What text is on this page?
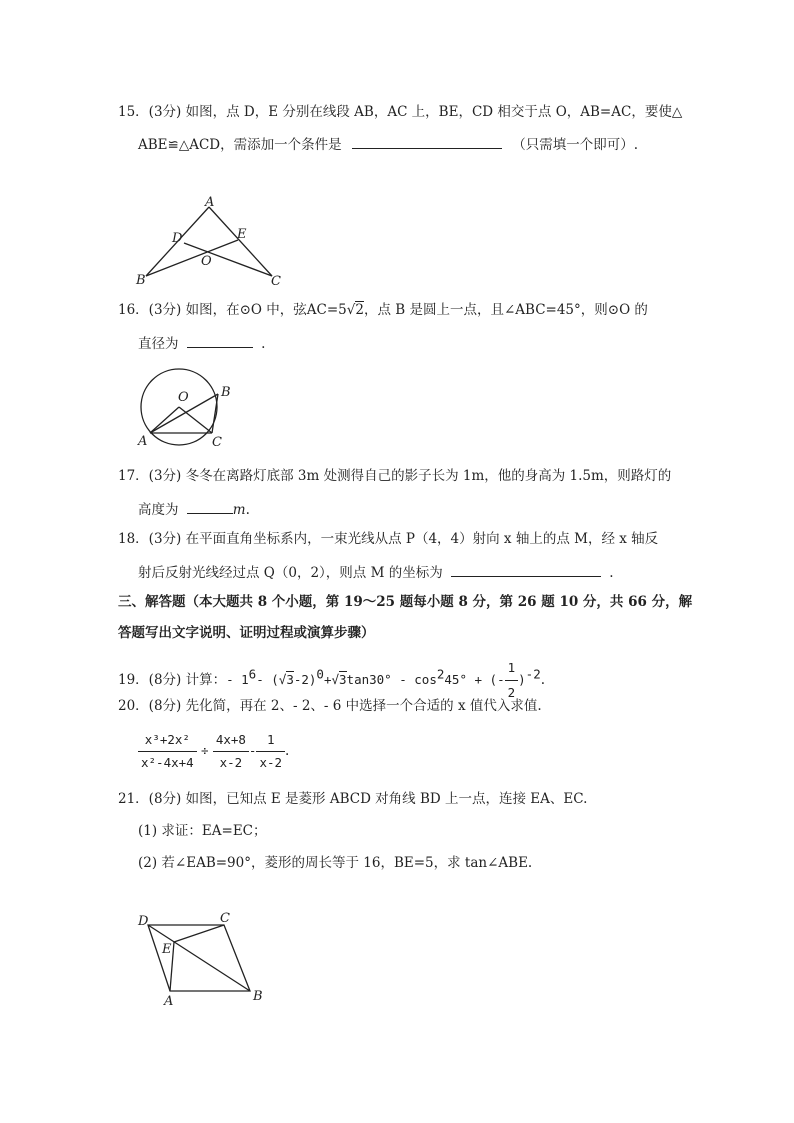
15．(3分) 如图，点 D，E 分别在线段 AB，AC 上，BE，CD 相交于点 O，AB=AC，要使△
ABE≌△ACD，需添加一个条件是	（只需填一个即可）.
A
B	C
D	E
O
16．(3分) 如图，在⊙O 中，弦AC=5√2，点 B 是圆上一点，且∠ABC=45°，则⊙O 的
直径为	.
O
A
B
C
17．(3分) 冬冬在离路灯底部 3m 处测得自己的影子长为 1m，他的身高为 1.5m，则路灯的
高度为	m.
18．(3分) 在平面直角坐标系内，一束光线从点 P（4，4）射向 x 轴上的点 M，经 x 轴反
射后反射光线经过点 Q（0，2），则点 M 的坐标为	.
三、解答题（本大题共 8 个小题，第 19～25 题每小题 8 分，第 26 题 10 分，共 66 分，解
答题写出文字说明、证明过程或演算步骤）
19．(8分) 计算：- $1^6-$ $(√3-2)^0+√3\tan 30^\circ - \cos^245^\circ$ + (- $\frac{1}{2} )^{-2}$.
20．(8分) 先化简，再在 2、- 2、- 6 中选择一个合适的 x 值代入求值.
$\frac{\text{x³+2x²}}{\text{x²-4x+4}} \div \frac{4x+8}{x-2} - \frac{1}{x-2}$ .
21．(8分) 如图，已知点 E 是菱形 ABCD 对角线 BD 上一点，连接 EA、EC.
(1) 求证：EA=EC；
(2) 若∠EAB=90°，菱形的周长等于 16，BE=5，求 tan∠ABE.
D	C
E
A	B
